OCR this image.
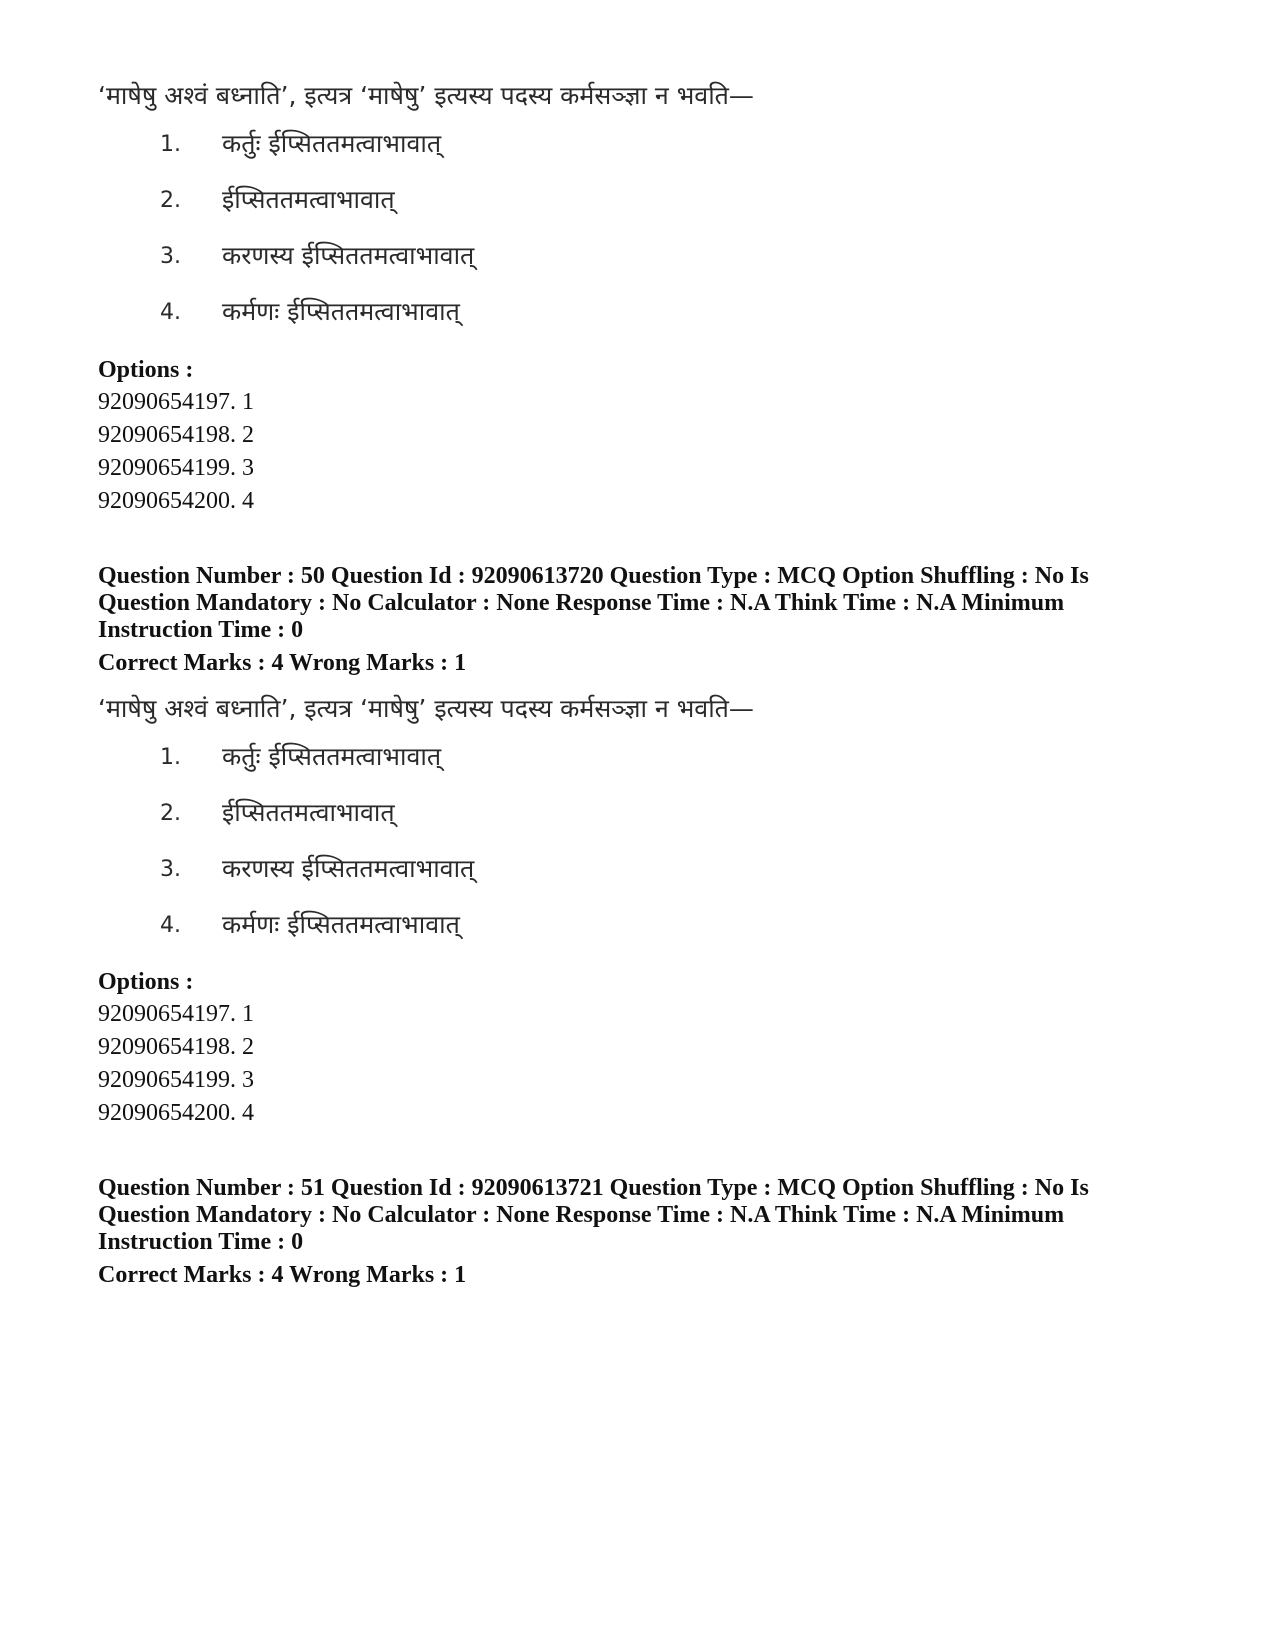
‘माषेषु अश्वं बध्नाति’, इत्यत्र ‘माषेषु’ इत्यस्य पदस्य कर्मसञ्ज्ञा न भवति—
1. कर्तुः ईप्सिततमत्वाभावात्
2. ईप्सिततमत्वाभावात्
3. करणस्य ईप्सिततमत्वाभावात्
4. कर्मणः ईप्सिततमत्वाभावात्
Options :
92090654197. 1
92090654198. 2
92090654199. 3
92090654200. 4
Question Number : 50 Question Id : 92090613720 Question Type : MCQ Option Shuffling : No Is
Question Mandatory : No Calculator : None Response Time : N.A Think Time : N.A Minimum
Instruction Time : 0
Correct Marks : 4 Wrong Marks : 1
‘माषेषु अश्वं बध्नाति’, इत्यत्र ‘माषेषु’ इत्यस्य पदस्य कर्मसञ्ज्ञा न भवति—
1. कर्तुः ईप्सिततमत्वाभावात्
2. ईप्सिततमत्वाभावात्
3. करणस्य ईप्सिततमत्वाभावात्
4. कर्मणः ईप्सिततमत्वाभावात्
Options :
92090654197. 1
92090654198. 2
92090654199. 3
92090654200. 4
Question Number : 51 Question Id : 92090613721 Question Type : MCQ Option Shuffling : No Is
Question Mandatory : No Calculator : None Response Time : N.A Think Time : N.A Minimum
Instruction Time : 0
Correct Marks : 4 Wrong Marks : 1
